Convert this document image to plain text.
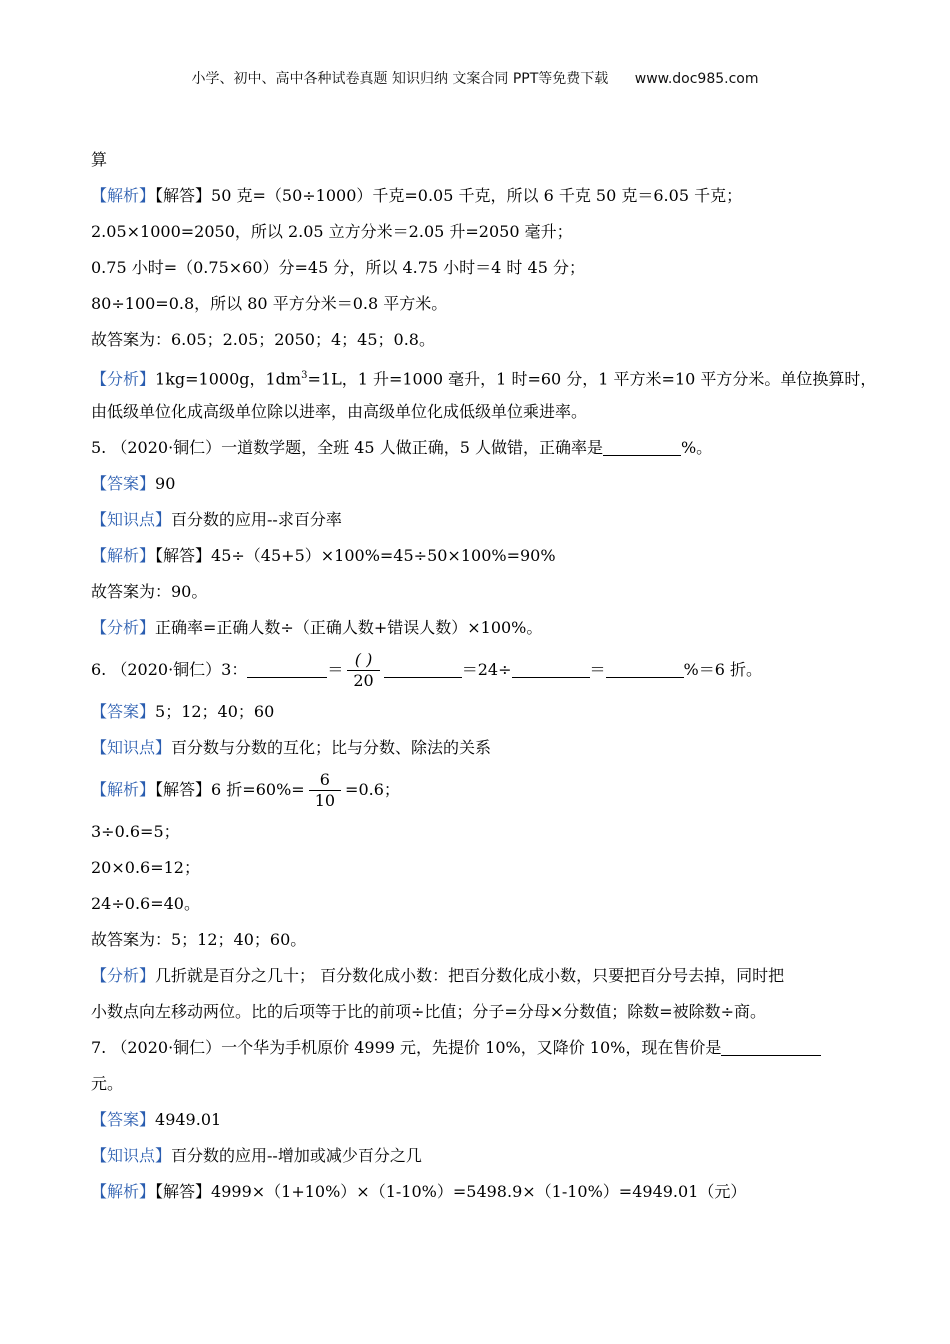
小学、初中、高中各种试卷真题 知识归纳 文案合同 PPT等免费下载 www.doc985.com
算
【解析】【解答】50 克=（50÷1000）千克=0.05 千克，所以 6 千克 50 克＝6.05 千克；
2.05×1000=2050，所以 2.05 立方分米＝2.05 升=2050 毫升；
0.75 小时=（0.75×60）分=45 分，所以 4.75 小时＝4 时 45 分；
80÷100=0.8，所以 80 平方分米＝0.8 平方米。
故答案为：6.05；2.05；2050；4；45；0.8。
【分析】1kg=1000g，$1dm^3=1L$，1 升=1000 毫升，1 时=60 分，1 平方米=10 平方分米。单位换算时，
由低级单位化成高级单位除以进率，由高级单位化成低级单位乘进率。
5. （2020·铜仁）一道数学题，全班 45 人做正确，5 人做错，正确率是	%。
【答案】90
【知识点】百分数的应用--求百分率
【解析】【解答】45÷（45+5）×100%=45÷50×100%=90%
故答案为：90。
【分析】正确率=正确人数÷（正确人数+错误人数）×100%。
6. （2020·铜仁）3：	＝ $\frac{( )}{20}$	＝24÷	＝	%＝6 折。
【答案】5；12；40；60
【知识点】百分数与分数的互化；比与分数、除法的关系
【解析】【解答】6 折$=60\%= \frac{6}{10} =0.6$；
3÷0.6=5；
20×0.6=12；
24÷0.6=40。
故答案为：5；12；40；60。
【分析】几折就是百分之几十； 百分数化成小数：把百分数化成小数，只要把百分号去掉，同时把
小数点向左移动两位。比的后项等于比的前项÷比值；分子=分母×分数值；除数=被除数÷商。
7. （2020·铜仁）一个华为手机原价 4999 元，先提价 10%，又降价 10%，现在售价是
元。
【答案】4949.01
【知识点】百分数的应用--增加或减少百分之几
【解析】【解答】4999×（1+10%）×（1-10%）=5498.9×（1-10%）=4949.01（元）
